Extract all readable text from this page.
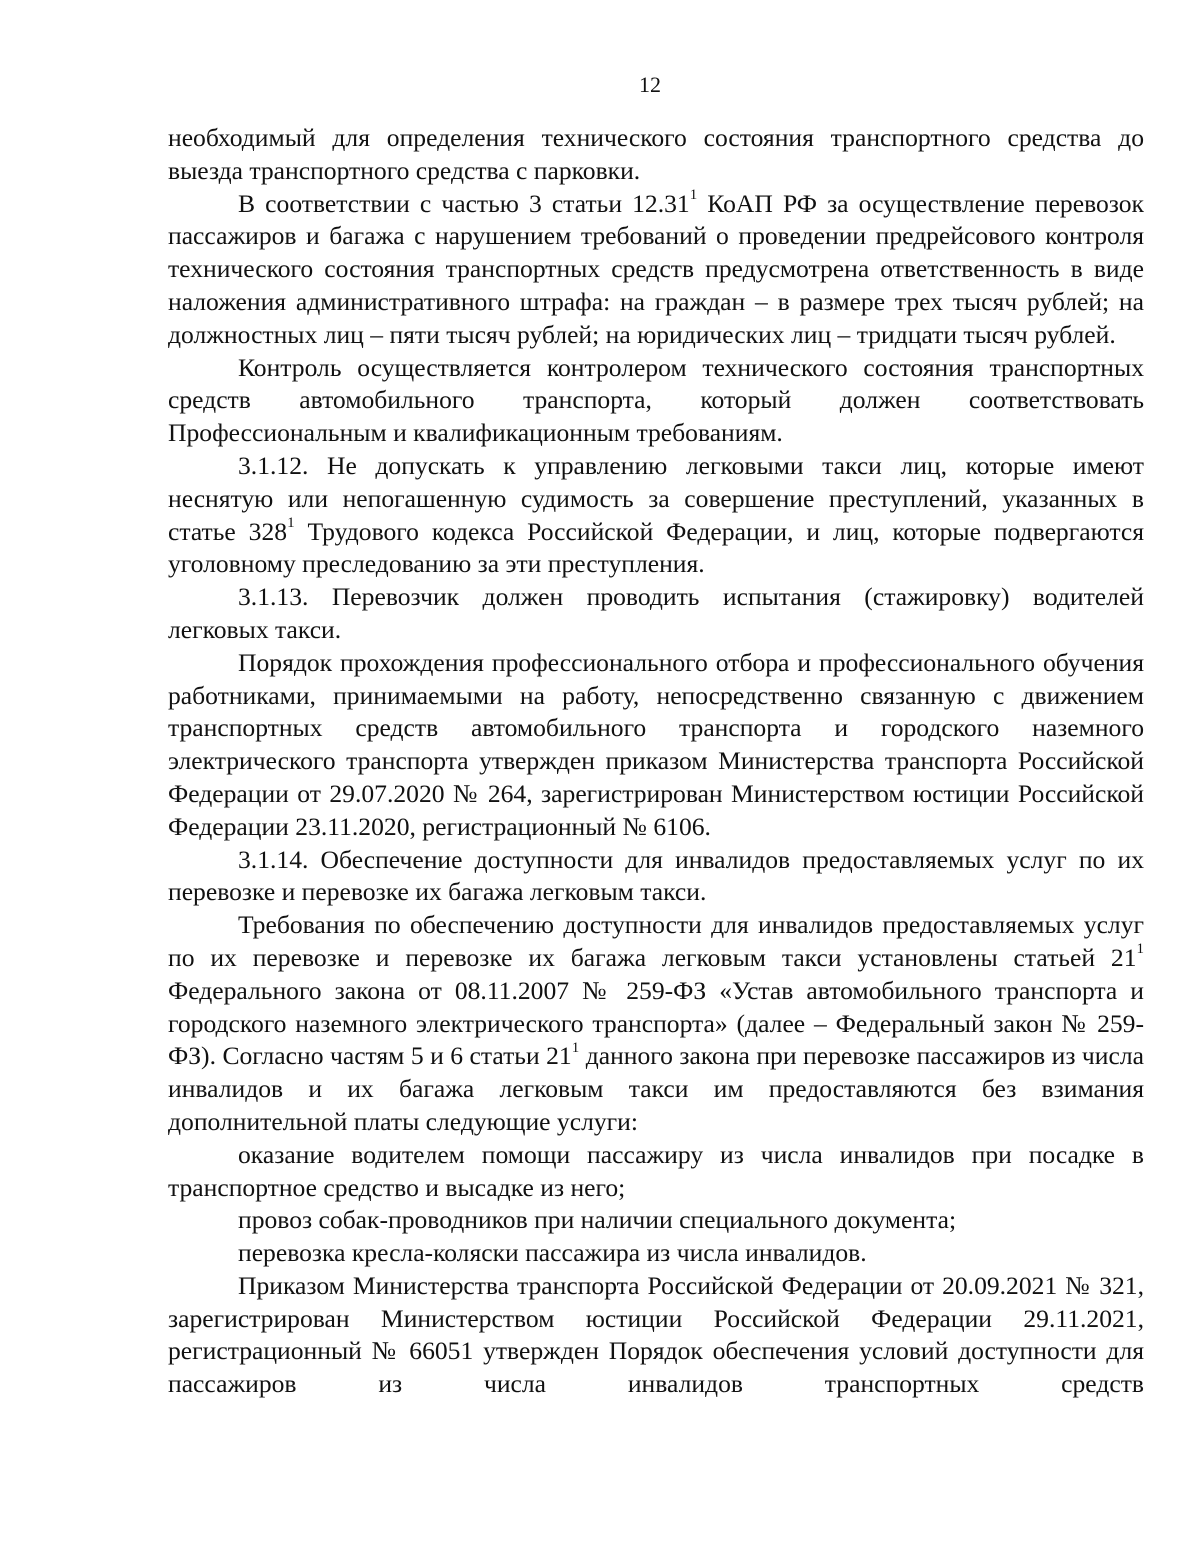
12

необходимый для определения технического состояния транспортного средства до выезда транспортного средства с парковки.

В соответствии с частью 3 статьи 12.31$^1$ КоАП РФ за осуществление перевозок пассажиров и багажа с нарушением требований о проведении предрейсового контроля технического состояния транспортных средств предусмотрена ответственность в виде наложения административного штрафа: на граждан – в размере трех тысяч рублей; на должностных лиц – пяти тысяч рублей; на юридических лиц – тридцати тысяч рублей.

Контроль осуществляется контролером технического состояния транспортных средств автомобильного транспорта, который должен соответствовать Профессиональным и квалификационным требованиям.

3.1.12. Не допускать к управлению легковыми такси лиц, которые имеют неснятую или непогашенную судимость за совершение преступлений, указанных в статье $328^1$ Трудового кодекса Российской Федерации, и лиц, которые подвергаются уголовному преследованию за эти преступления.

3.1.13. Перевозчик должен проводить испытания (стажировку) водителей легковых такси.

Порядок прохождения профессионального отбора и профессионального обучения работниками, принимаемыми на работу, непосредственно связанную с движением транспортных средств автомобильного транспорта и городского наземного электрического транспорта утвержден приказом Министерства транспорта Российской Федерации от 29.07.2020 № 264, зарегистрирован Министерством юстиции Российской Федерации 23.11.2020, регистрационный № 6106.

3.1.14. Обеспечение доступности для инвалидов предоставляемых услуг по их перевозке и перевозке их багажа легковым такси.

Требования по обеспечению доступности для инвалидов предоставляемых услуг по их перевозке и перевозке их багажа легковым такси установлены статьей $21^1$ Федерального закона от 08.11.2007 № 259-ФЗ «Устав автомобильного транспорта и городского наземного электрического транспорта» (далее – Федеральный закон № 259-ФЗ). Согласно частям 5 и 6 статьи $21^1$ данного закона при перевозке пассажиров из числа инвалидов и их багажа легковым такси им предоставляются без взимания дополнительной платы следующие услуги:

оказание водителем помощи пассажиру из числа инвалидов при посадке в транспортное средство и высадке из него;

провоз собак-проводников при наличии специального документа;

перевозка кресла-коляски пассажира из числа инвалидов.

Приказом Министерства транспорта Российской Федерации от 20.09.2021 № 321, зарегистрирован Министерством юстиции Российской Федерации 29.11.2021, регистрационный № 66051 утвержден Порядок обеспечения условий доступности для пассажиров из числа инвалидов транспортных средств
